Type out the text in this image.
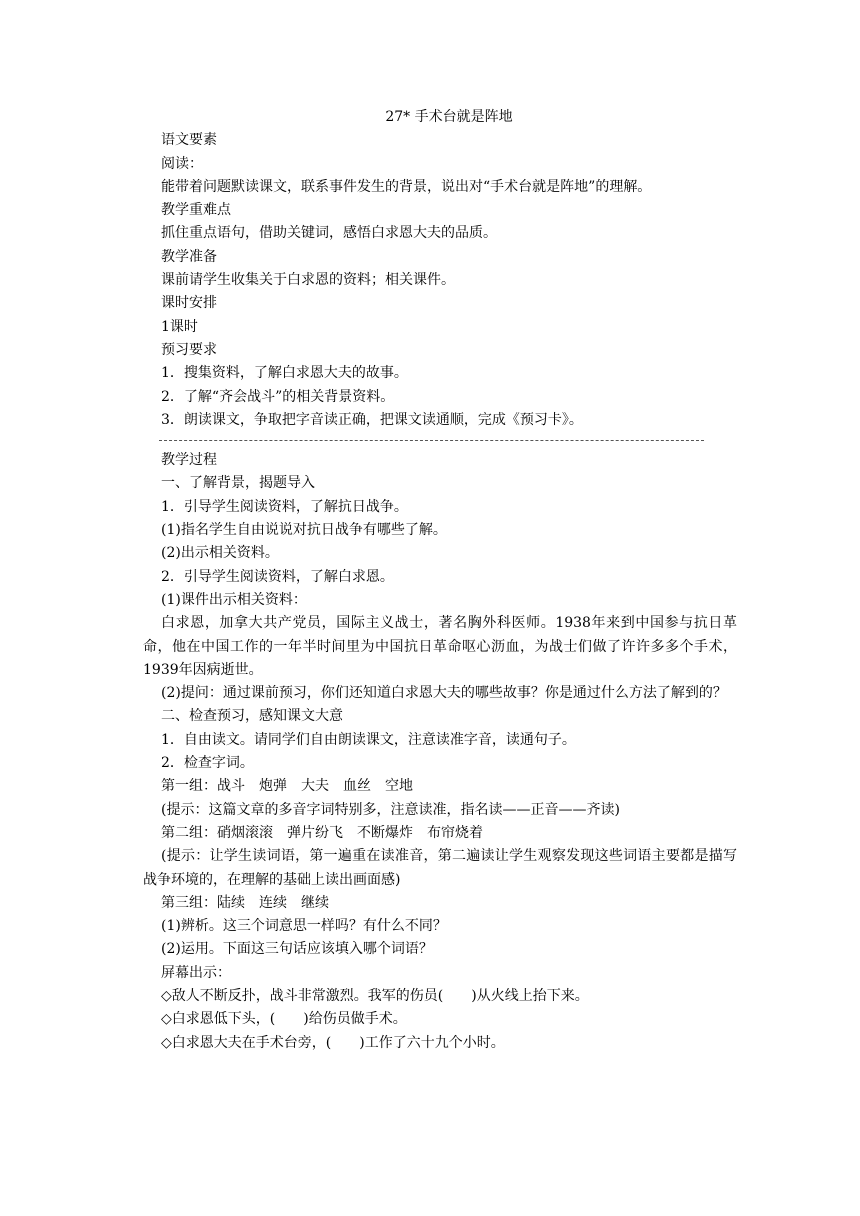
27* 手术台就是阵地
语文要素
阅读：
能带着问题默读课文，联系事件发生的背景，说出对“手术台就是阵地”的理解。
教学重难点
抓住重点语句，借助关键词，感悟白求恩大夫的品质。
教学准备
课前请学生收集关于白求恩的资料；相关课件。
课时安排
1课时
预习要求
1．搜集资料，了解白求恩大夫的故事。
2．了解“齐会战斗”的相关背景资料。
3．朗读课文，争取把字音读正确，把课文读通顺，完成《预习卡》。
教学过程
一、了解背景，揭题导入
1．引导学生阅读资料，了解抗日战争。
(1)指名学生自由说说对抗日战争有哪些了解。
(2)出示相关资料。
2．引导学生阅读资料，了解白求恩。
(1)课件出示相关资料：
白求恩，加拿大共产党员，国际主义战士，著名胸外科医师。1938年来到中国参与抗日革命，他在中国工作的一年半时间里为中国抗日革命呕心沥血，为战士们做了许许多多个手术，1939年因病逝世。
(2)提问：通过课前预习，你们还知道白求恩大夫的哪些故事？你是通过什么方法了解到的？
二、检查预习，感知课文大意
1．自由读文。请同学们自由朗读课文，注意读准字音，读通句子。
2．检查字词。
第一组：战斗　炮弹　大夫　血丝　空地
(提示：这篇文章的多音字词特别多，注意读准，指名读——正音——齐读)
第二组：硝烟滚滚　弹片纷飞　不断爆炸　布帘烧着
(提示：让学生读词语，第一遍重在读准音，第二遍读让学生观察发现这些词语主要都是描写战争环境的，在理解的基础上读出画面感)
第三组：陆续　连续　继续
(1)辨析。这三个词意思一样吗？有什么不同？
(2)运用。下面这三句话应该填入哪个词语？
屏幕出示：
◇敌人不断反扑，战斗非常激烈。我军的伤员(　　)从火线上抬下来。
◇白求恩低下头，(　　)给伤员做手术。
◇白求恩大夫在手术台旁，(　　)工作了六十九个小时。
